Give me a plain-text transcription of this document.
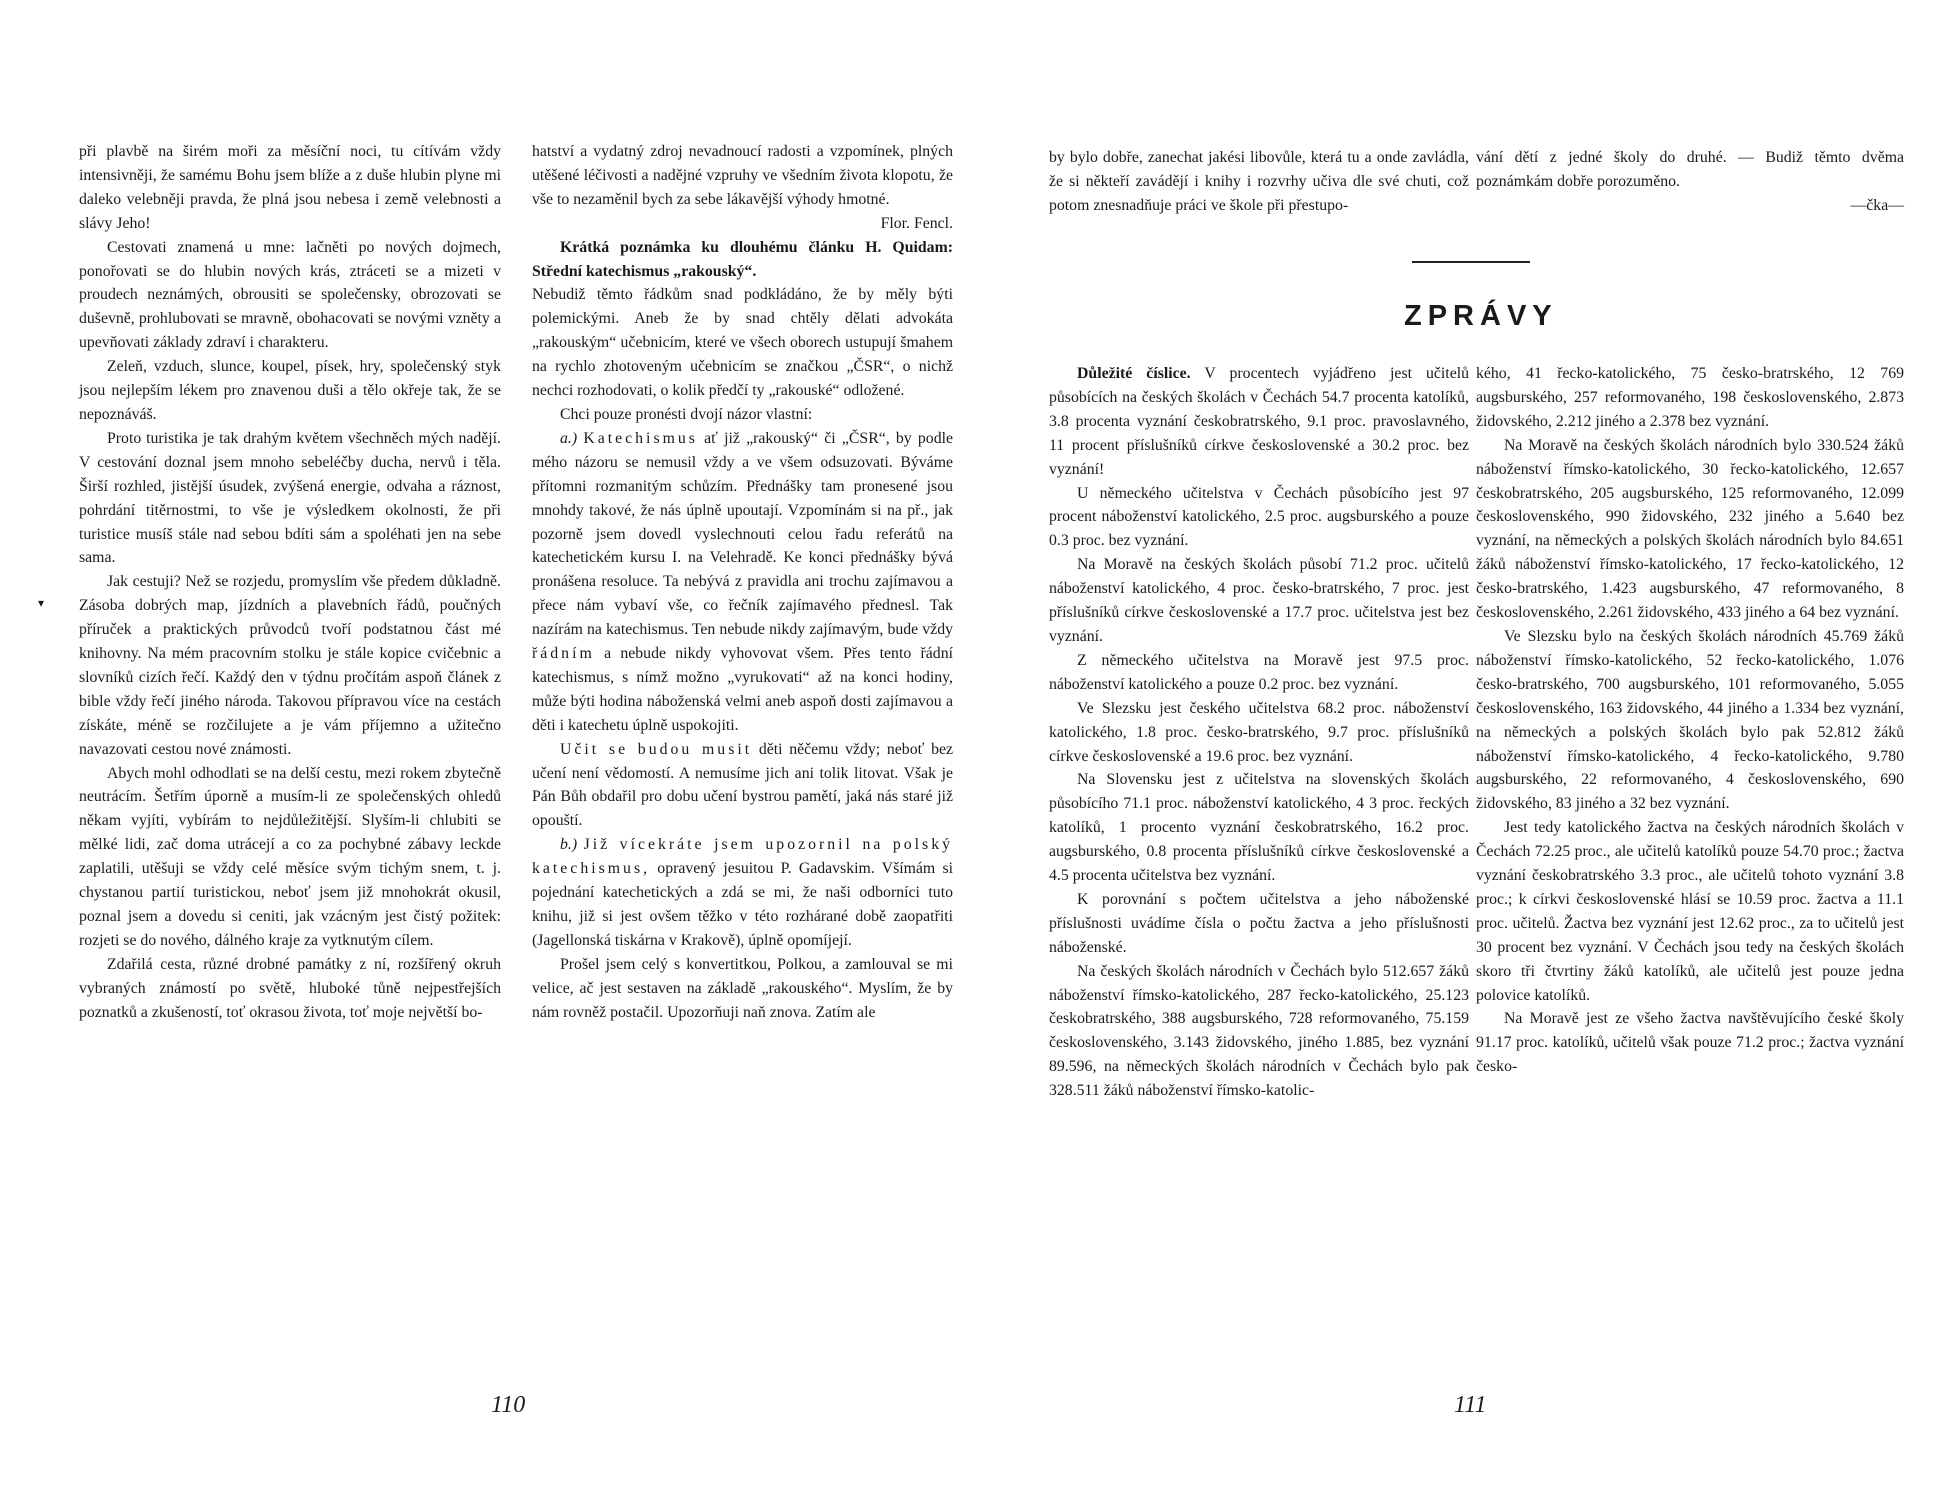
▾

při plavbě na širém moři za měsíční noci, tu cítívám vždy intensivněji, že samému Bohu jsem blíže a z duše hlubin plyne mi daleko velebněji pravda, že plná jsou nebesa i země velebnosti a slávy Jeho!

Cestovati znamená u mne: lačněti po nových dojmech, ponořovati se do hlubin nových krás, ztráceti se a mizeti v proudech neznámých, obrousiti se společensky, obrozovati se duševně, prohlubovati se mravně, obohacovati se novými vzněty a upevňovati základy zdraví i charakteru.

Zeleň, vzduch, slunce, koupel, písek, hry, společenský styk jsou nejlepším lékem pro znavenou duši a tělo okřeje tak, že se nepoznáváš.

Proto turistika je tak drahým květem všechněch mých nadějí. V cestování doznal jsem mnoho sebeléčby ducha, nervů i těla. Širší rozhled, jistější úsudek, zvýšená energie, odvaha a ráznost, pohrdání titěrnostmi, to vše je výsledkem okolnosti, že při turistice musíš stále nad sebou bdíti sám a spoléhati jen na sebe sama.

Jak cestuji? Než se rozjedu, promyslím vše předem důkladně. Zásoba dobrých map, jízdních a plavebních řádů, poučných příruček a praktických průvodců tvoří podstatnou část mé knihovny. Na mém pracovním stolku je stále kopice cvičebnic a slovníků cizích řečí. Každý den v týdnu pročítám aspoň článek z bible vždy řečí jiného národa. Takovou přípravou více na cestách získáte, méně se rozčilujete a je vám příjemno a užitečno navazovati cestou nové známosti.

Abych mohl odhodlati se na delší cestu, mezi rokem zbytečně neutrácím. Šetřím úporně a musím-li ze společenských ohledů někam vyjíti, vybírám to nejdůležitější. Slyším-li chlubiti se mělké lidi, zač doma utrácejí a co za pochybné zábavy leckde zaplatili, utěšuji se vždy celé měsíce svým tichým snem, t. j. chystanou partií turistickou, neboť jsem již mnohokrát okusil, poznal jsem a dovedu si ceniti, jak vzácným jest čistý požitek: rozjeti se do nového, dálného kraje za vytknutým cílem.

Zdařilá cesta, různé drobné památky z ní, rozšířený okruh vybraných známostí po světě, hluboké tůně nejpestřejších poznatků a zkušeností, toť okrasou života, toť moje největší bo-

hatství a vydatný zdroj nevadnoucí radosti a vzpomínek, plných utěšené léčivosti a nadějné vzpruhy ve všedním života klopotu, že vše to nezaměnil bych za sebe lákavější výhody hmotné.

Flor. Fencl.

Krátká poznámka ku dlouhému článku H. Quidam: Střední katechismus „rakouský“.

Nebudiž těmto řádkům snad podkládáno, že by měly býti polemickými. Aneb že by snad chtěly dělati advokáta „rakouským“ učebnicím, které ve všech oborech ustupují šmahem na rychlo zhotoveným učebnicím se značkou „ČSR“, o nichž nechci rozhodovati, o kolik předčí ty „rakouské“ odložené.

Chci pouze pronésti dvojí názor vlastní:

a.) Katechismus ať již „rakouský“ či „ČSR“, by podle mého názoru se nemusil vždy a ve všem odsuzovati. Býváme přítomni rozmanitým schůzím. Přednášky tam pronesené jsou mnohdy takové, že nás úplně upoutají. Vzpomínám si na př., jak pozorně jsem dovedl vyslechnouti celou řadu referátů na katechetickém kursu I. na Velehradě. Ke konci přednášky bývá pronášena resoluce. Ta nebývá z pravidla ani trochu zajímavou a přece nám vybaví vše, co řečník zajímavého přednesl. Tak nazírám na katechismus. Ten nebude nikdy zajímavým, bude vždy řádním a nebude nikdy vyhovovat všem. Přes tento řádní katechismus, s nímž možno „vyrukovati“ až na konci hodiny, může býti hodina náboženská velmi aneb aspoň dosti zajímavou a děti i katechetu úplně uspokojiti.

Učit se budou musit děti něčemu vždy; neboť bez učení není vědomostí. A nemusíme jich ani tolik litovat. Však je Pán Bůh obdařil pro dobu učení bystrou pamětí, jaká nás staré již opouští.

b.) Již vícekráte jsem upozornil na polský katechismus, opravený jesuitou P. Gadavskim. Všímám si pojednání katechetických a zdá se mi, že naši odborníci tuto knihu, již si jest ovšem těžko v této rozhárané době zaopatřiti (Jagellonská tiskárna v Krakově), úplně opomíjejí.

Prošel jsem celý s konvertitkou, Polkou, a zamlouval se mi velice, ač jest sestaven na základě „rakouského“. Myslím, že by nám rovněž postačil. Upozorňuji naň znova. Zatím ale

110

by bylo dobře, zanechat jakési libovůle, která tu a onde zavládla, že si někteří zavádějí i knihy i rozvrhy učiva dle své chuti, což potom znesnadňuje práci ve škole při přestupo-

vání dětí z jedné školy do druhé. — Budiž těmto dvěma poznámkám dobře porozuměno.

—čka—

ZPRÁVY

Důležité číslice. V procentech vyjádřeno jest učitelů působících na českých školách v Čechách 54.7 procenta katolíků, 3.8 procenta vyznání českobratrského, 9.1 proc. pravoslavného, 11 procent příslušníků církve československé a 30.2 proc. bez vyznání!

U německého učitelstva v Čechách působícího jest 97 procent náboženství katolického, 2.5 proc. augsburského a pouze 0.3 proc. bez vyznání.

Na Moravě na českých školách působí 71.2 proc. učitelů náboženství katolického, 4 proc. česko-bratrského, 7 proc. jest příslušníků církve československé a 17.7 proc. učitelstva jest bez vyznání.

Z německého učitelstva na Moravě jest 97.5 proc. náboženství katolického a pouze 0.2 proc. bez vyznání.

Ve Slezsku jest českého učitelstva 68.2 proc. náboženství katolického, 1.8 proc. česko-bratrského, 9.7 proc. příslušníků církve československé a 19.6 proc. bez vyznání.

Na Slovensku jest z učitelstva na slovenských školách působícího 71.1 proc. náboženství katolického, 4 3 proc. řeckých katolíků, 1 procento vyznání českobratrského, 16.2 proc. augsburského, 0.8 procenta příslušníků církve československé a 4.5 procenta učitelstva bez vyznání.

K porovnání s počtem učitelstva a jeho náboženské příslušnosti uvádíme čísla o počtu žactva a jeho příslušnosti náboženské.

Na českých školách národních v Čechách bylo 512.657 žáků náboženství římsko-katolického, 287 řecko-katolického, 25.123 českobratrského, 388 augsburského, 728 reformovaného, 75.159 československého, 3.143 židovského, jiného 1.885, bez vyznání 89.596, na německých školách národních v Čechách bylo pak 328.511 žáků náboženství římsko-katolic-

kého, 41 řecko-katolického, 75 česko-bratrského, 12 769 augsburského, 257 reformovaného, 198 československého, 2.873 židovského, 2.212 jiného a 2.378 bez vyznání.

Na Moravě na českých školách národních bylo 330.524 žáků náboženství římsko-katolického, 30 řecko-katolického, 12.657 českobratrského, 205 augsburského, 125 reformovaného, 12.099 československého, 990 židovského, 232 jiného a 5.640 bez vyznání, na německých a polských školách národních bylo 84.651 žáků náboženství římsko-katolického, 17 řecko-katolického, 12 česko-bratrského, 1.423 augsburského, 47 reformovaného, 8 československého, 2.261 židovského, 433 jiného a 64 bez vyznání.

Ve Slezsku bylo na českých školách národních 45.769 žáků náboženství římsko-katolického, 52 řecko-katolického, 1.076 česko-bratrského, 700 augsburského, 101 reformovaného, 5.055 československého, 163 židovského, 44 jiného a 1.334 bez vyznání, na německých a polských školách bylo pak 52.812 žáků náboženství římsko-katolického, 4 řecko-katolického, 9.780 augsburského, 22 reformovaného, 4 československého, 690 židovského, 83 jiného a 32 bez vyznání.

Jest tedy katolického žactva na českých národních školách v Čechách 72.25 proc., ale učitelů katolíků pouze 54.70 proc.; žactva vyznání českobratrského 3.3 proc., ale učitelů tohoto vyznání 3.8 proc.; k církvi československé hlásí se 10.59 proc. žactva a 11.1 proc. učitelů. Žactva bez vyznání jest 12.62 proc., za to učitelů jest 30 procent bez vyznání. V Čechách jsou tedy na českých školách skoro tři čtvrtiny žáků katolíků, ale učitelů jest pouze jedna polovice katolíků.

Na Moravě jest ze všeho žactva navštěvujícího české školy 91.17 proc. katolíků, učitelů však pouze 71.2 proc.; žactva vyznání česko-

111
